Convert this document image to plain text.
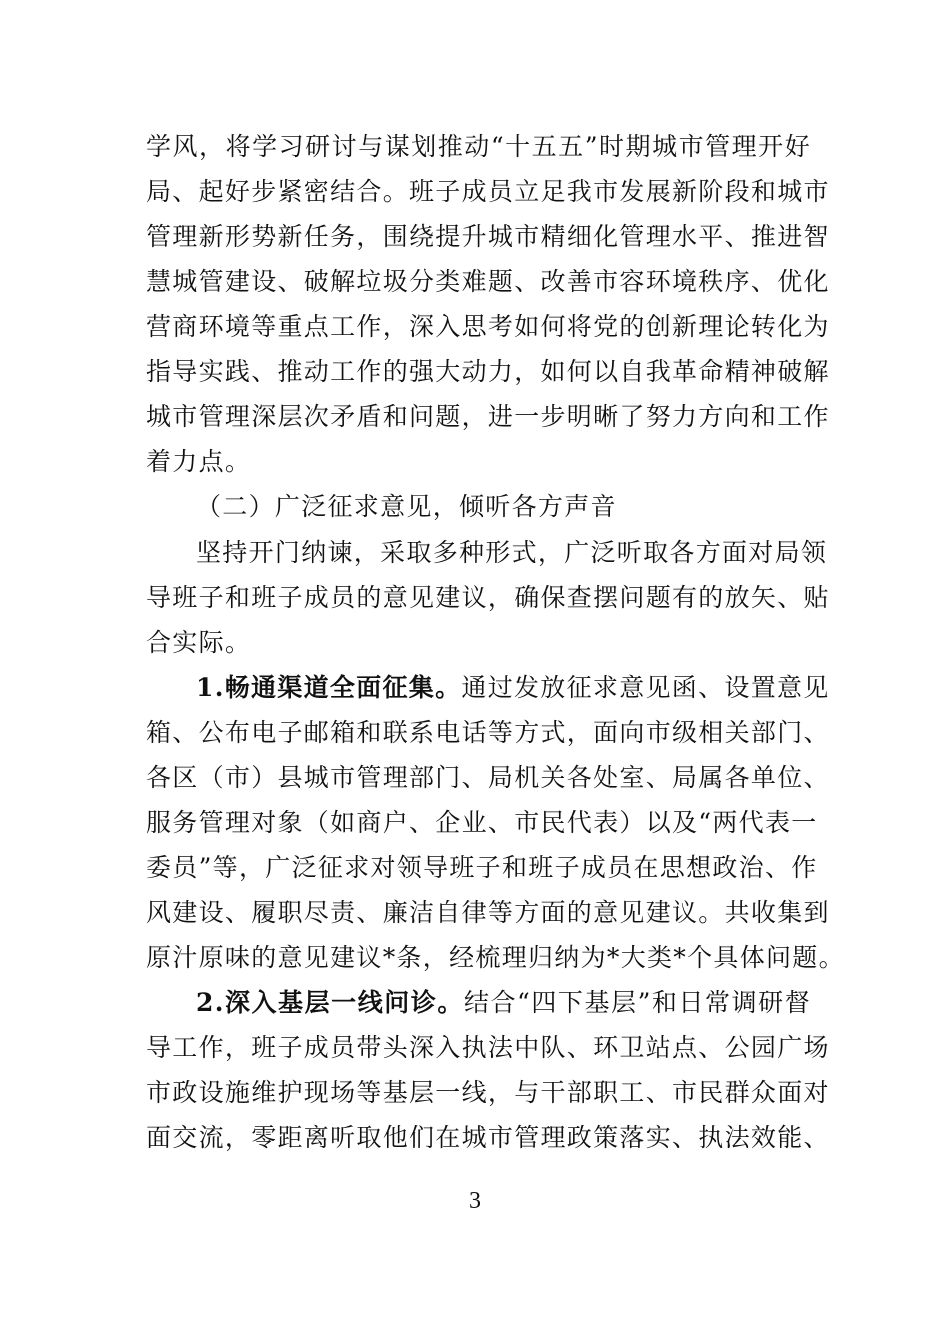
学风，将学习研讨与谋划推动“十五五”时期城市管理开好
局、起好步紧密结合。班子成员立足我市发展新阶段和城市
管理新形势新任务，围绕提升城市精细化管理水平、推进智
慧城管建设、破解垃圾分类难题、改善市容环境秩序、优化
营商环境等重点工作，深入思考如何将党的创新理论转化为
指导实践、推动工作的强大动力，如何以自我革命精神破解
城市管理深层次矛盾和问题，进一步明晰了努力方向和工作
着力点。
（二）广泛征求意见，倾听各方声音
坚持开门纳谏，采取多种形式，广泛听取各方面对局领
导班子和班子成员的意见建议，确保查摆问题有的放矢、贴
合实际。
1.畅通渠道全面征集。通过发放征求意见函、设置意见
箱、公布电子邮箱和联系电话等方式，面向市级相关部门、
各区（市）县城市管理部门、局机关各处室、局属各单位、
服务管理对象（如商户、企业、市民代表）以及“两代表一
委员”等，广泛征求对领导班子和班子成员在思想政治、作
风建设、履职尽责、廉洁自律等方面的意见建议。共收集到
原汁原味的意见建议*条，经梳理归纳为*大类*个具体问题。
2.深入基层一线问诊。结合“四下基层”和日常调研督
导工作，班子成员带头深入执法中队、环卫站点、公园广场
市政设施维护现场等基层一线，与干部职工、市民群众面对
面交流，零距离听取他们在城市管理政策落实、执法效能、
3
